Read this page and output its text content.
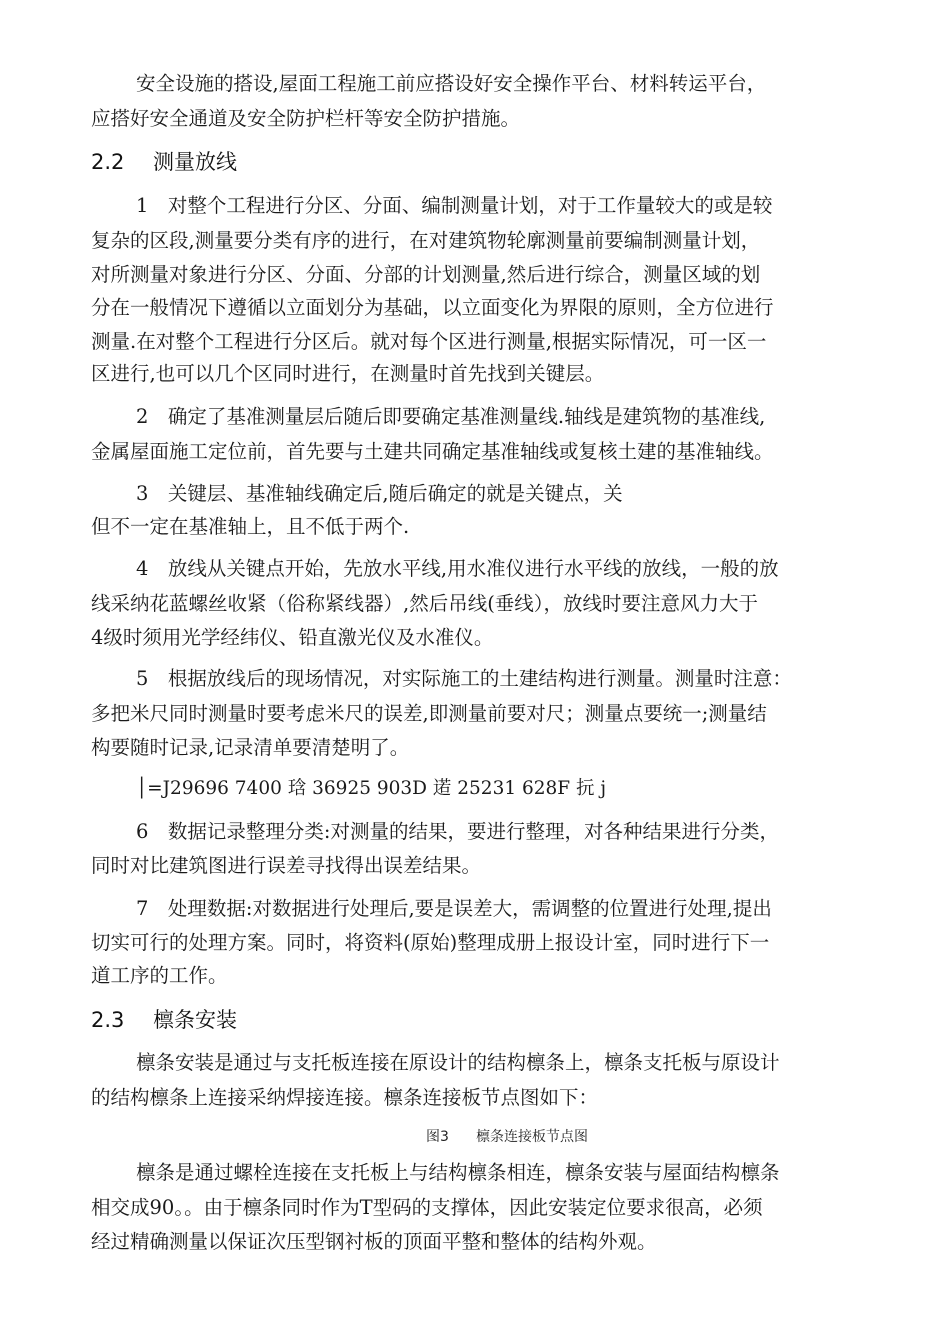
安全设施的搭设,屋面工程施工前应搭设好安全操作平台、材料转运平台，
应搭好安全通道及安全防护栏杆等安全防护措施。
2.2 测量放线
1　对整个工程进行分区、分面、编制测量计划，对于工作量较大的或是较
复杂的区段,测量要分类有序的进行，在对建筑物轮廓测量前要编制测量计划，
对所测量对象进行分区、分面、分部的计划测量,然后进行综合，测量区域的划
分在一般情况下遵循以立面划分为基础，以立面变化为界限的原则，全方位进行
测量.在对整个工程进行分区后。就对每个区进行测量,根据实际情况，可一区一
区进行,也可以几个区同时进行，在测量时首先找到关键层。
2　确定了基准测量层后随后即要确定基准测量线.轴线是建筑物的基准线,
金属屋面施工定位前，首先要与土建共同确定基准轴线或复核土建的基准轴线。
3　关键层、基准轴线确定后,随后确定的就是关键点，关
但不一定在基准轴上，且不低于两个.
4　放线从关键点开始，先放水平线,用水准仪进行水平线的放线，一般的放
线采纳花蓝螺丝收紧（俗称紧线器）,然后吊线(垂线），放线时要注意风力大于
4级时须用光学经纬仪、铅直激光仪及水准仪。
5　根据放线后的现场情况，对实际施工的土建结构进行测量。测量时注意：
多把米尺同时测量时要考虑米尺的误差,即测量前要对尺；测量点要统一;测量结
构要随时记录,记录清单要清楚明了。
│=J29696 7400 琀 36925 903D 逽 25231 628F 抏 j
6　数据记录整理分类:对测量的结果，要进行整理，对各种结果进行分类，
同时对比建筑图进行误差寻找得出误差结果。
7　处理数据:对数据进行处理后,要是误差大，需调整的位置进行处理,提出
切实可行的处理方案。同时，将资料(原始)整理成册上报设计室，同时进行下一
道工序的工作。
2.3 檩条安装
檩条安装是通过与支托板连接在原设计的结构檩条上，檩条支托板与原设计
的结构檩条上连接采纳焊接连接。檩条连接板节点图如下：
图3 檩条连接板节点图
檩条是通过螺栓连接在支托板上与结构檩条相连，檩条安装与屋面结构檩条
相交成90。。由于檩条同时作为T型码的支撑体，因此安装定位要求很高，必须
经过精确测量以保证次压型钢衬板的顶面平整和整体的结构外观。
